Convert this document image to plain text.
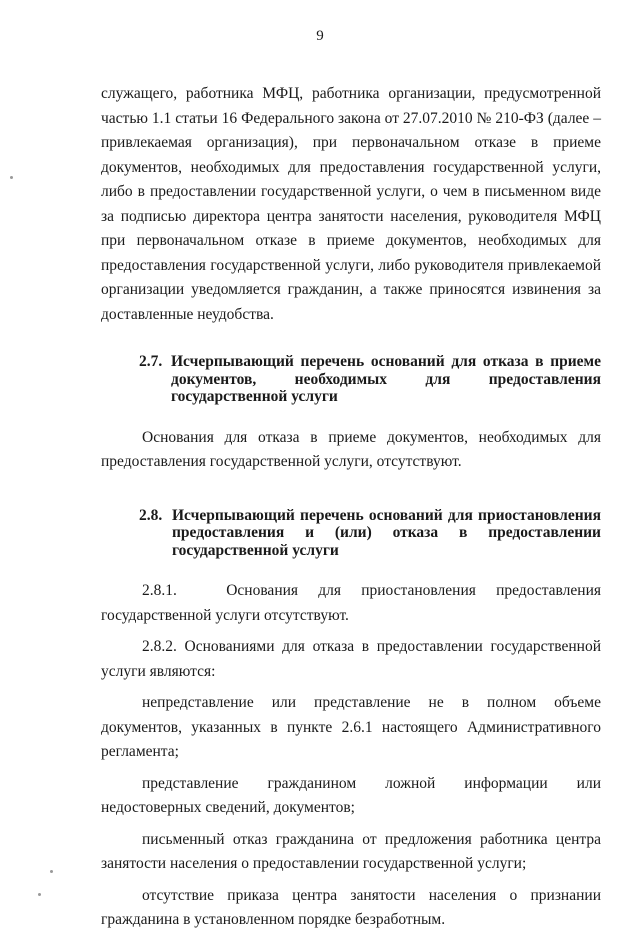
9

служащего, работника МФЦ, работника организации, предусмотренной частью 1.1 статьи 16 Федерального закона от 27.07.2010 № 210-ФЗ (далее – привлекаемая организация), при первоначальном отказе в приеме документов, необходимых для предоставления государственной услуги, либо в предоставлении государственной услуги, о чем в письменном виде за подписью директора центра занятости населения, руководителя МФЦ при первоначальном отказе в приеме документов, необходимых для предоставления государственной услуги, либо руководителя привлекаемой организации уведомляется гражданин, а также приносятся извинения за доставленные неудобства.

2.7. Исчерпывающий перечень оснований для отказа в приеме документов, необходимых для предоставления государственной услуги

Основания для отказа в приеме документов, необходимых для предоставления государственной услуги, отсутствуют.

2.8. Исчерпывающий перечень оснований для приостановления предоставления и (или) отказа в предоставлении государственной услуги

2.8.1.	Основания для приостановления предоставления государственной услуги отсутствуют.

2.8.2. Основаниями для отказа в предоставлении государственной услуги являются:

непредставление или представление не в полном объеме документов, указанных в пункте 2.6.1 настоящего Административного регламента;

представление гражданином ложной информации или недостоверных сведений, документов;

письменный отказ гражданина от предложения работника центра занятости населения о предоставлении государственной услуги;

отсутствие приказа центра занятости населения о признании гражданина в установленном порядке безработным.
